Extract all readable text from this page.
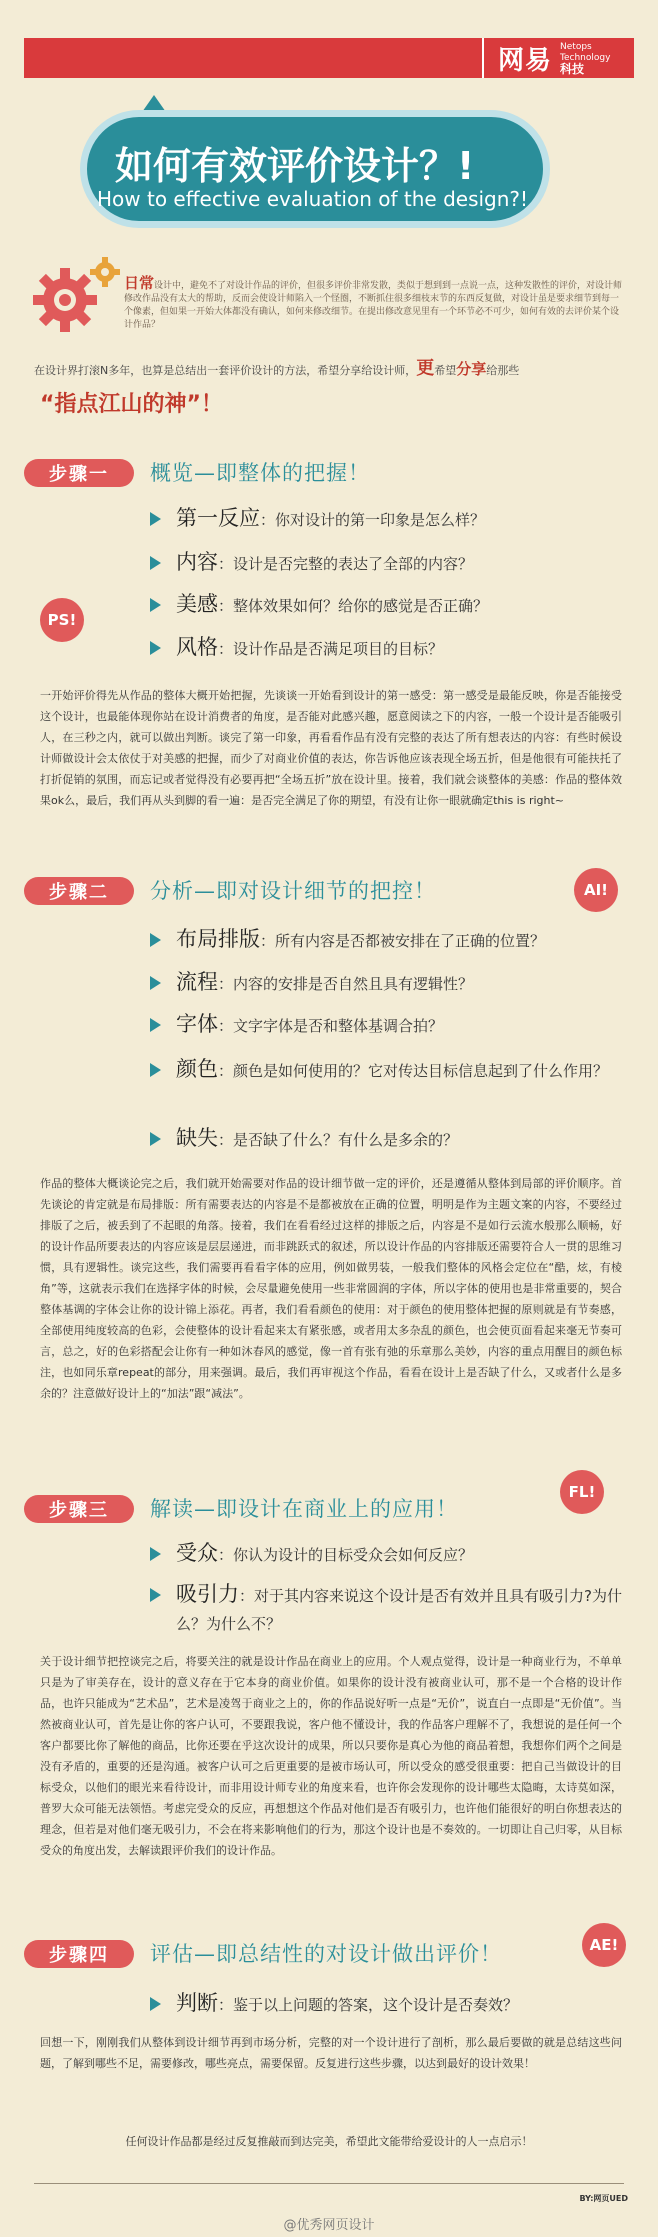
网易 Netops
Technology
科技
如何有效评价设计？!
How to effective evaluation of the design?!
日常设计中，避免不了对设计作品的评价，但很多评价非常发散，类似于想到到一点说一点，这种发散性的评价，对设计师修改作品没有太大的帮助，反而会使设计师陷入一个怪圈，不断抓住很多细枝末节的东西反复做，对设计虽是要求细节到每一个像素，但如果一开始大体都没有确认，如何来修改细节。在提出修改意见里有一个环节必不可少，如何有效的去评价某个设计作品？
在设计界打滚N多年，也算是总结出一套评价设计的方法，希望分享给设计师，更希望分享给那些
“指点江山的神”！
步骤一	概览—即整体的把握！
第一反应：你对设计的第一印象是怎么样？
内容：设计是否完整的表达了全部的内容？
美感：整体效果如何？给你的感觉是否正确？
风格：设计作品是否满足项目的目标？
PS!
一开始评价得先从作品的整体大概开始把握，先谈谈一开始看到设计的第一感受：第一感受是最能反映，你是否能接受这个设计，也最能体现你站在设计消费者的角度，是否能对此感兴趣，愿意阅读之下的内容，一般一个设计是否能吸引人，在三秒之内，就可以做出判断。谈完了第一印象，再看看作品有没有完整的表达了所有想表达的内容：有些时候设计师做设计会太依仗于对美感的把握，而少了对商业价值的表达，你告诉他应该表现全场五折，但是他很有可能扶托了打折促销的氛围，而忘记或者觉得没有必要再把“全场五折”放在设计里。接着，我们就会谈整体的美感：作品的整体效果ok么，最后，我们再从头到脚的看一遍：是否完全满足了你的期望，有没有让你一眼就确定this is right~
步骤二	分析—即对设计细节的把控！	AI!
布局排版：所有内容是否都被安排在了正确的位置？
流程：内容的安排是否自然且具有逻辑性？
字体：文字字体是否和整体基调合拍？
颜色：颜色是如何使用的？它对传达目标信息起到了什么作用？
缺失：是否缺了什么？有什么是多余的？
作品的整体大概谈论完之后，我们就开始需要对作品的设计细节做一定的评价，还是遵循从整体到局部的评价顺序。首先谈论的肯定就是布局排版：所有需要表达的内容是不是都被放在正确的位置，明明是作为主题文案的内容，不要经过排版了之后，被丢到了不起眼的角落。接着，我们在看看经过这样的排版之后，内容是不是如行云流水般那么顺畅，好的设计作品所要表达的内容应该是层层递进，而非跳跃式的叙述，所以设计作品的内容排版还需要符合人一贯的思维习惯，具有逻辑性。谈完这些，我们需要再看看字体的应用，例如做男装，一般我们整体的风格会定位在“酷，炫，有棱角”等，这就表示我们在选择字体的时候，会尽量避免使用一些非常圆润的字体，所以字体的使用也是非常重要的，契合整体基调的字体会让你的设计锦上添花。再者，我们看看颜色的使用：对于颜色的使用整体把握的原则就是有节奏感，全部使用纯度较高的色彩，会使整体的设计看起来太有紧张感，或者用太多杂乱的颜色，也会使页面看起来毫无节奏可言，总之，好的色彩搭配会让你有一种如沐春风的感觉，像一首有张有弛的乐章那么美妙，内容的重点用醒目的颜色标注，也如同乐章repeat的部分，用来强调。最后，我们再审视这个作品，看看在设计上是否缺了什么，又或者什么是多余的？注意做好设计上的“加法”跟“减法”。
步骤三	解读—即设计在商业上的应用！
FL!
受众：你认为设计的目标受众会如何反应？
吸引力：对于其内容来说这个设计是否有效并且具有吸引力?为什么？为什么不？
关于设计细节把控谈完之后，将要关注的就是设计作品在商业上的应用。个人观点觉得，设计是一种商业行为，不单单只是为了审美存在，设计的意义存在于它本身的商业价值。如果你的设计没有被商业认可，那不是一个合格的设计作品，也许只能成为“艺术品”，艺术是凌驾于商业之上的，你的作品说好听一点是“无价”，说直白一点即是“无价值”。当然被商业认可，首先是让你的客户认可，不要跟我说，客户他不懂设计，我的作品客户理解不了，我想说的是任何一个客户都要比你了解他的商品，比你还要在乎这次设计的成果，所以只要你是真心为他的商品着想，我想你们两个之间是没有矛盾的，重要的还是沟通。被客户认可之后更重要的是被市场认可，所以受众的感受很重要：把自己当做设计的目标受众，以他们的眼光来看待设计，而非用设计师专业的角度来看，也许你会发现你的设计哪些太隐晦，太诗莫如深，普罗大众可能无法领悟。考虑完受众的反应，再想想这个作品对他们是否有吸引力，也许他们能很好的明白你想表达的理念，但若是对他们毫无吸引力，不会在将来影响他们的行为，那这个设计也是不奏效的。一切即让自己归零，从目标受众的角度出发，去解读跟评价我们的设计作品。
步骤四	评估—即总结性的对设计做出评价！	AE!
判断：鉴于以上问题的答案，这个设计是否奏效？
回想一下，刚刚我们从整体到设计细节再到市场分析，完整的对一个设计进行了剖析，那么最后要做的就是总结这些问题，了解到哪些不足，需要修改，哪些亮点，需要保留。反复进行这些步骤，以达到最好的设计效果！
任何设计作品都是经过反复推敲而到达完美，希望此文能带给爱设计的人一点启示！
BY:网页UED
@优秀网页设计
